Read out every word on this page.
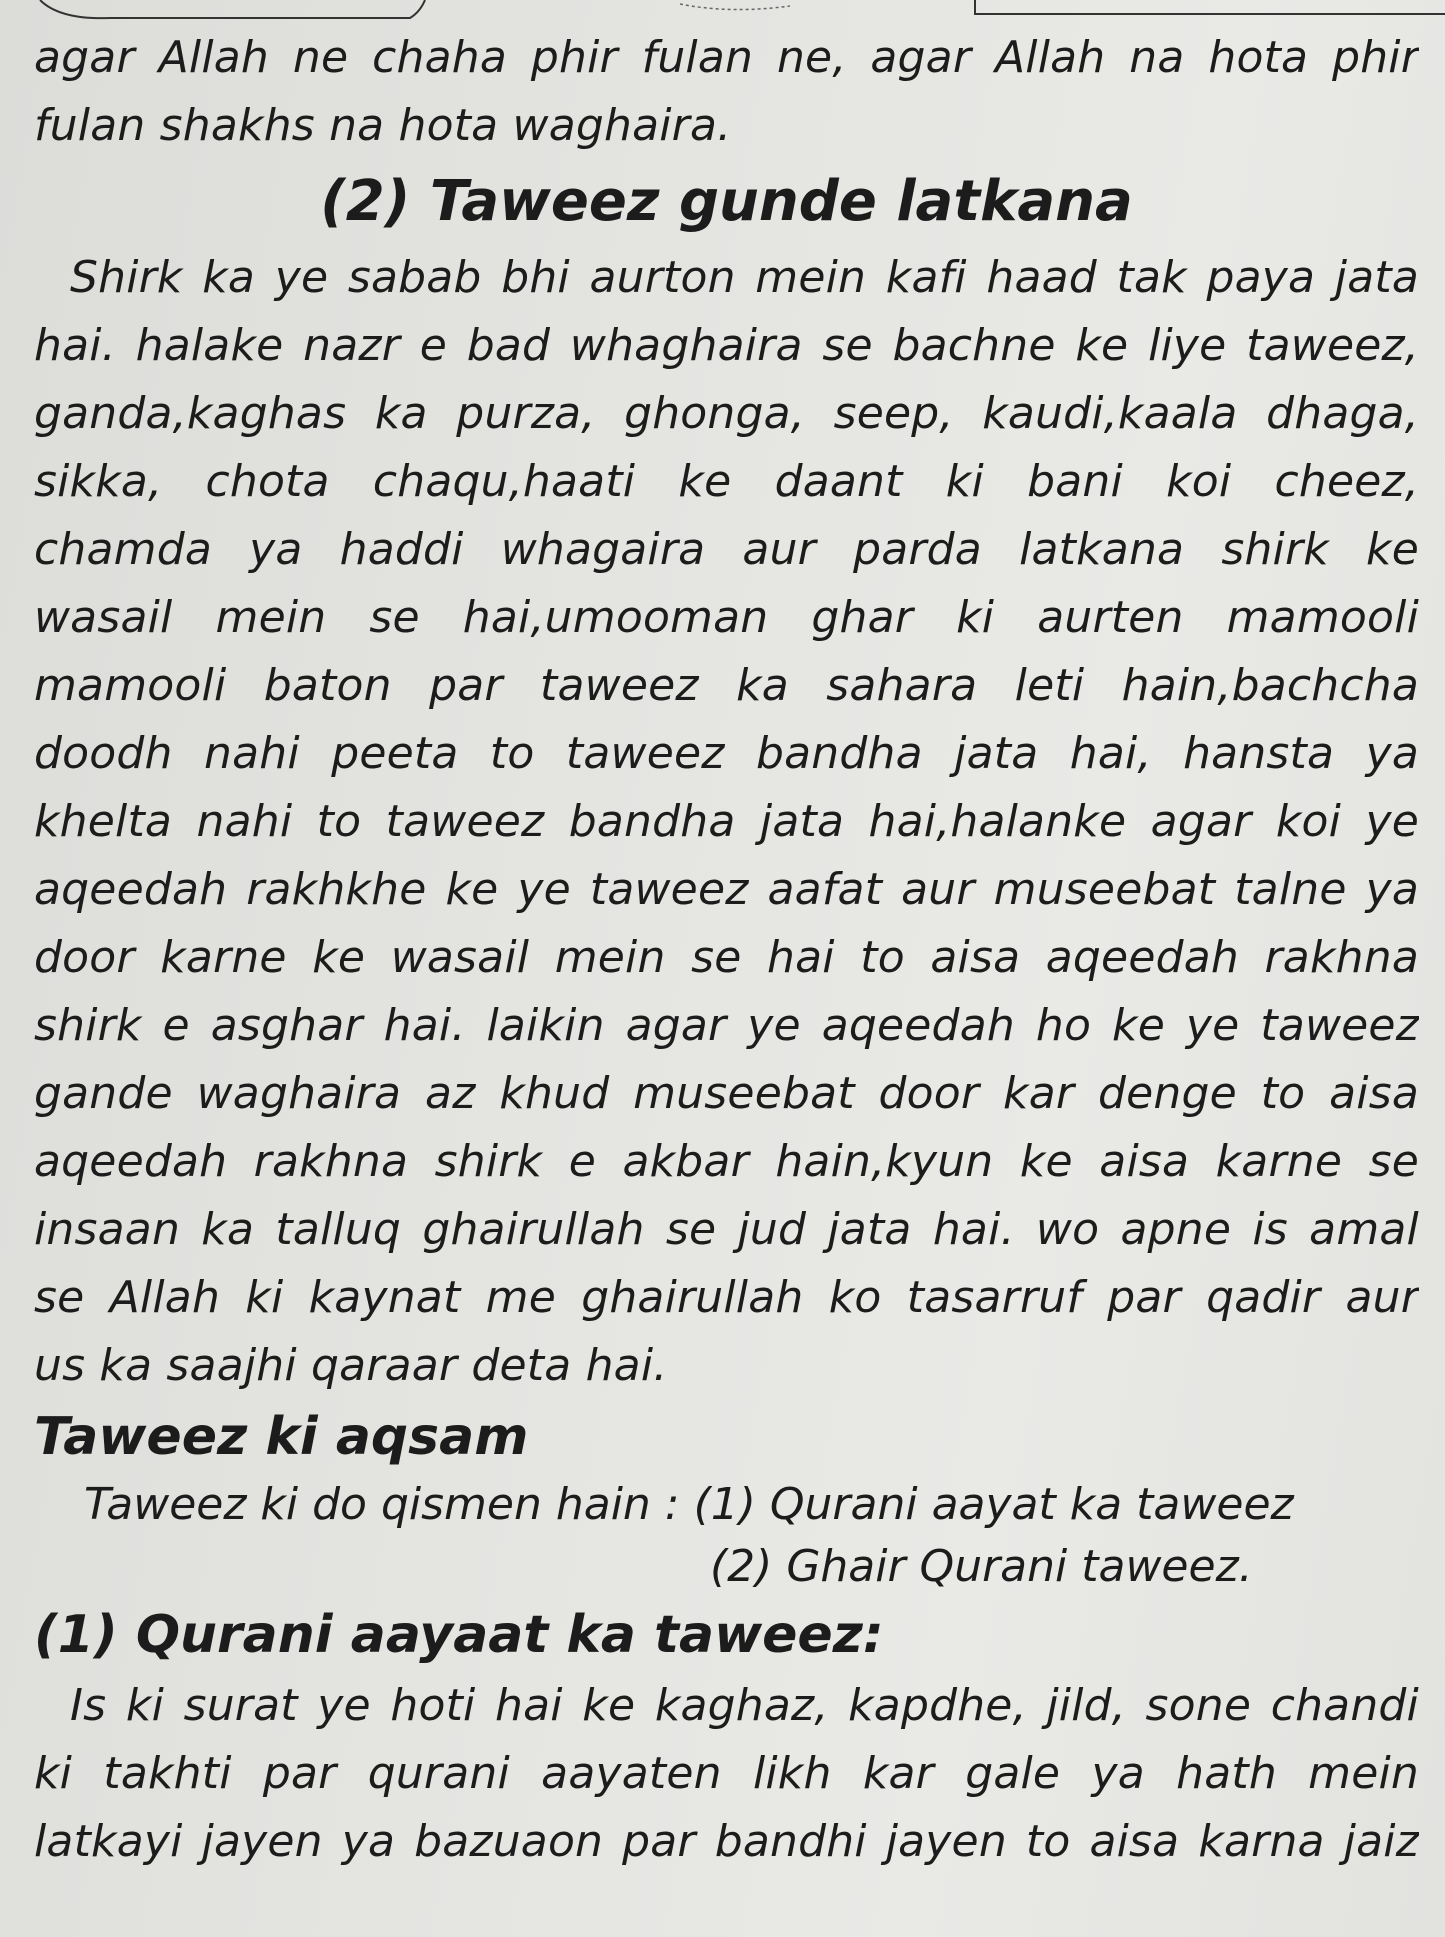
agar Allah ne chaha phir fulan ne, agar Allah na hota phir
fulan shakhs na hota waghaira.
(2) Taweez gunde latkana
Shirk ka ye sabab bhi aurton mein kafi haad tak paya jata
hai. halake nazr e bad whaghaira se bachne ke liye taweez,
ganda,kaghas ka purza, ghonga, seep, kaudi,kaala dhaga,
sikka, chota chaqu,haati ke daant ki bani koi cheez,
chamda ya haddi whagaira aur parda latkana shirk ke
wasail mein se hai,umooman ghar ki aurten mamooli
mamooli baton par taweez ka sahara leti hain,bachcha
doodh nahi peeta to taweez bandha jata hai, hansta ya
khelta nahi to taweez bandha jata hai,halanke agar koi ye
aqeedah rakhkhe ke ye taweez aafat aur museebat talne ya
door karne ke wasail mein se hai to aisa aqeedah rakhna
shirk e asghar hai. laikin agar ye aqeedah ho ke ye taweez
gande waghaira az khud museebat door kar denge to aisa
aqeedah rakhna shirk e akbar hain,kyun ke aisa karne se
insaan ka talluq ghairullah se jud jata hai. wo apne is amal
se Allah ki kaynat me ghairullah ko tasarruf par qadir aur
us ka saajhi qaraar deta hai.
Taweez ki aqsam
Taweez ki do qismen hain : (1) Qurani aayat ka taweez
(2) Ghair Qurani taweez.
(1) Qurani aayaat ka taweez:
Is ki surat ye hoti hai ke kaghaz, kapdhe, jild, sone chandi
ki takhti par qurani aayaten likh kar gale ya hath mein
latkayi jayen ya bazuaon par bandhi jayen to aisa karna jaiz
